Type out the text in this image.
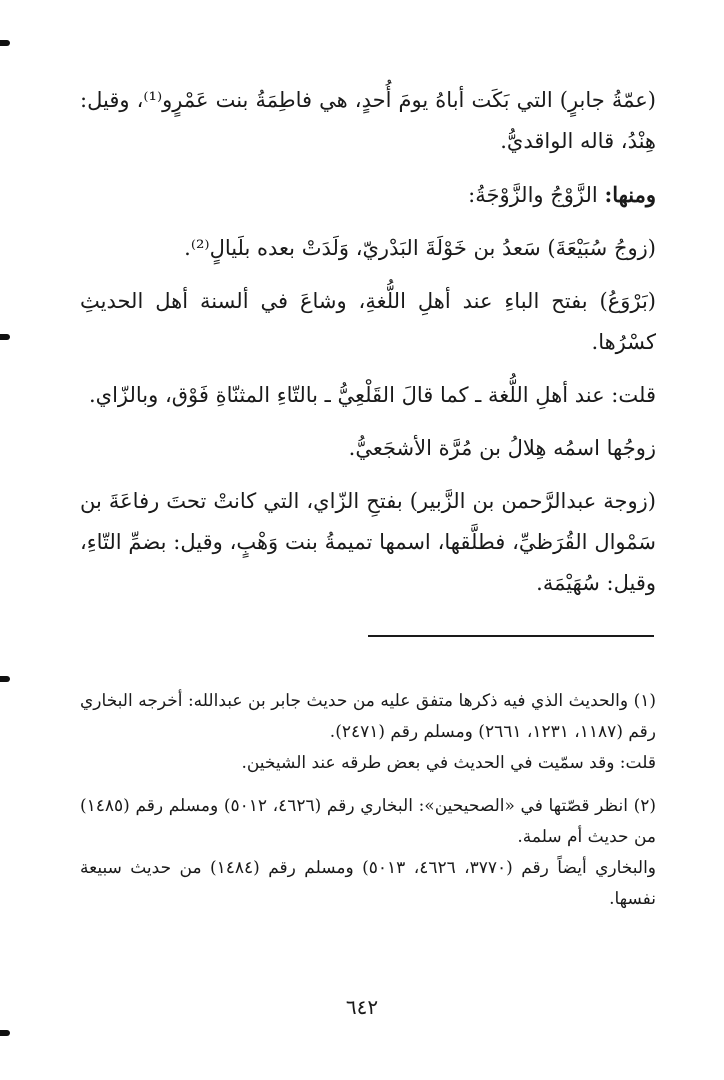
(عمّةُ جابرٍ) التي بَكَت أباهُ يومَ أُحدٍ، هي فاطِمَةُ بنت عَمْرٍو⁽¹⁾، وقيل: هِنْدُ، قاله الواقديُّ.

ومنها: الزَّوْجُ والزَّوْجَةُ:

(زوجُ سُبَيْعَةَ) سَعدُ بن خَوْلَةَ البَدْريّ، وَلَدَتْ بعده بلَيالٍ⁽²⁾.

(بَرْوَعُ) بفتح الباءِ عند أهلِ اللُّغةِ، وشاعَ في ألسنة أهل الحديثِ كسْرُها.

قلت: عند أهلِ اللُّغة ـ كما قالَ القَلْعِيُّ ـ بالتّاءِ المثنّاةِ فَوْق، وبالزّاي.

زوجُها اسمُه هِلالُ بن مُرَّة الأشجَعيُّ.

(زوجة عبدالرَّحمن بن الزَّبير) بفتحِ الزّاي، التي كانتْ تحتَ رفاعَةَ بن سَمْوال القُرَظيِّ، فطلَّقها، اسمها تميمةُ بنت وَهْبٍ، وقيل: بضمِّ التّاءِ، وقيل: سُهَيْمَة.

(١) والحديث الذي فيه ذكرها متفق عليه من حديث جابر بن عبدالله: أخرجه البخاري رقم (١١٨٧، ١٢٣١، ٢٦٦١) ومسلم رقم (٢٤٧١).
قلت: وقد سمّيت في الحديث في بعض طرقه عند الشيخين.
(٢) انظر قصّتها في «الصحيحين»: البخاري رقم (٤٦٢٦، ٥٠١٢) ومسلم رقم (١٤٨٥) من حديث أم سلمة.
والبخاري أيضاً رقم (٣٧٧٠، ٤٦٢٦، ٥٠١٣) ومسلم رقم (١٤٨٤) من حديث سبيعة نفسها.
٦٤٢
